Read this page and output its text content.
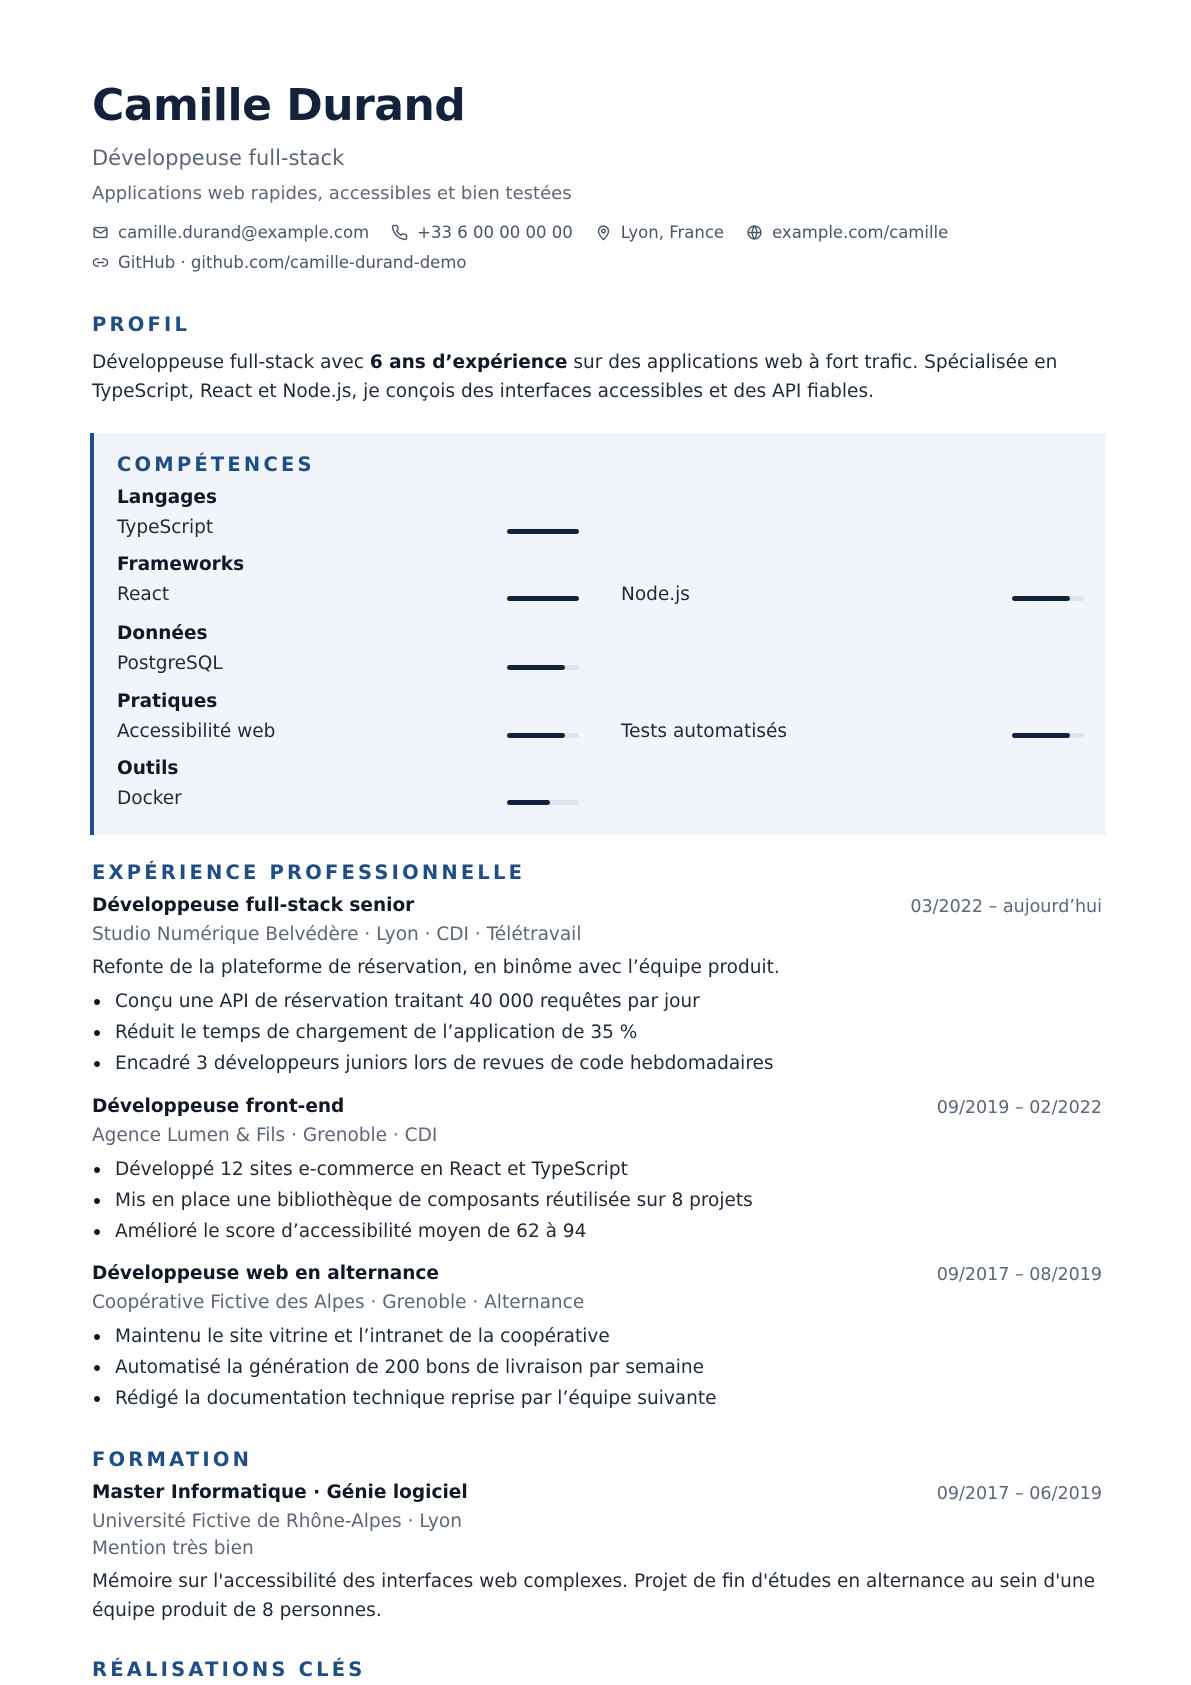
Camille Durand
Développeuse full-stack
Applications web rapides, accessibles et bien testées
camille.durand@example.com	+33 6 00 00 00 00	Lyon, France	example.com/camille
GitHub · github.com/camille-durand-demo
PROFIL
Développeuse full-stack avec 6 ans d’expérience sur des applications web à fort trafic. Spécialisée en TypeScript, React et Node.js, je conçois des interfaces accessibles et des API fiables.
COMPÉTENCES
Langages
TypeScript
Frameworks
React	Node.js
Données
PostgreSQL
Pratiques
Accessibilité web	Tests automatisés
Outils
Docker
EXPÉRIENCE PROFESSIONNELLE
Développeuse full-stack senior	03/2022 – aujourd’hui
Studio Numérique Belvédère · Lyon · CDI · Télétravail
Refonte de la plateforme de réservation, en binôme avec l’équipe produit.
Conçu une API de réservation traitant 40 000 requêtes par jour
Réduit le temps de chargement de l’application de 35 %
Encadré 3 développeurs juniors lors de revues de code hebdomadaires
Développeuse front-end	09/2019 – 02/2022
Agence Lumen & Fils · Grenoble · CDI
Développé 12 sites e-commerce en React et TypeScript
Mis en place une bibliothèque de composants réutilisée sur 8 projets
Amélioré le score d’accessibilité moyen de 62 à 94
Développeuse web en alternance	09/2017 – 08/2019
Coopérative Fictive des Alpes · Grenoble · Alternance
Maintenu le site vitrine et l’intranet de la coopérative
Automatisé la génération de 200 bons de livraison par semaine
Rédigé la documentation technique reprise par l’équipe suivante
FORMATION
Master Informatique · Génie logiciel	09/2017 – 06/2019
Université Fictive de Rhône-Alpes · Lyon
Mention très bien
Mémoire sur l'accessibilité des interfaces web complexes. Projet de fin d'études en alternance au sein d'une équipe produit de 8 personnes.
RÉALISATIONS CLÉS
